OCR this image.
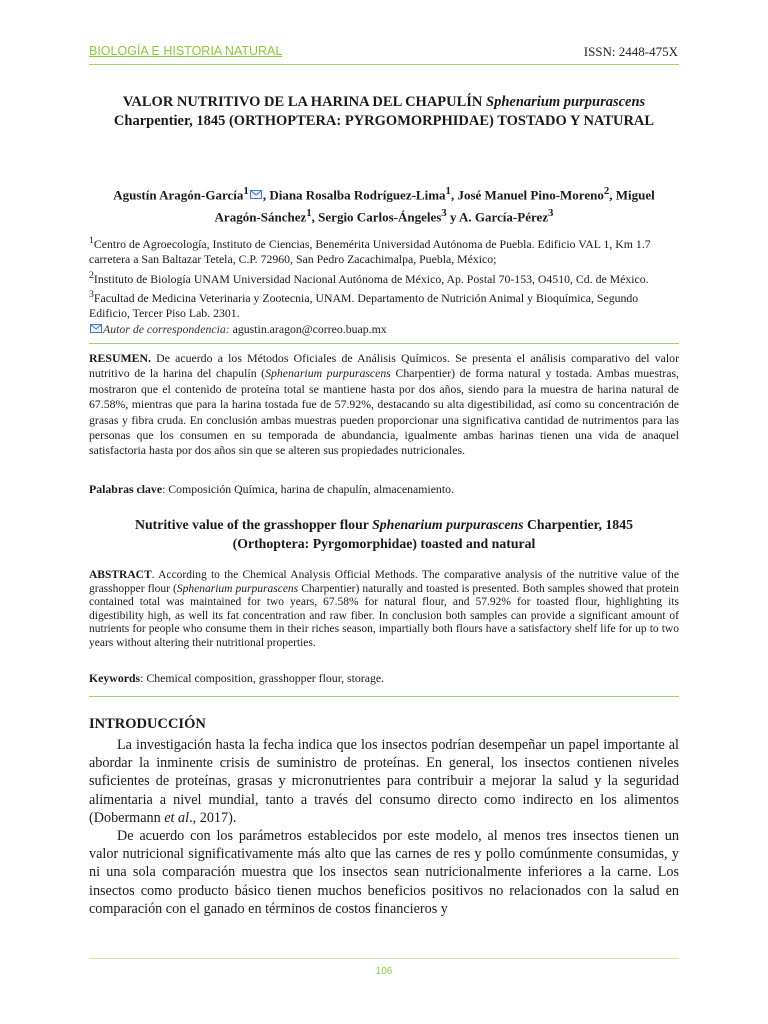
BIOLOGÍA E HISTORIA NATURAL	ISSN: 2448-475X
VALOR NUTRITIVO DE LA HARINA DEL CHAPULÍN Sphenarium purpurascens Charpentier, 1845 (ORTHOPTERA: PYRGOMORPHIDAE) TOSTADO Y NATURAL
Agustín Aragón-García$^1$ , Diana Rosalba Rodríguez-Lima$^1$, José Manuel Pino-Moreno$^2$, Miguel Aragón-Sánchez$^1$, Sergio Carlos-Ángeles$^3$ y A. García-Pérez$^3$

$^1$Centro de Agroecología, Instituto de Ciencias, Benemérita Universidad Autónoma de Puebla. Edificio VAL 1, Km 1.7 carretera a San Baltazar Tetela, C.P. 72960, San Pedro Zacachimalpa, Puebla, México;

$^2$Instituto de Biología UNAM Universidad Nacional Autónoma de México, Ap. Postal 70-153, O4510, Cd. de México.

$^3$Facultad de Medicina Veterinaria y Zootecnia, UNAM. Departamento de Nutrición Animal y Bioquímica, Segundo Edificio, Tercer Piso Lab. 2301.

Autor de correspondencia: agustin.aragon@correo.buap.mx
RESUMEN. De acuerdo a los Métodos Oficiales de Análisis Químicos. Se presenta el análisis comparativo del valor nutritivo de la harina del chapulín (Sphenarium purpurascens Charpentier) de forma natural y tostada. Ambas muestras, mostraron que el contenido de proteína total se mantiene hasta por dos años, siendo para la muestra de harina natural de 67.58%, mientras que para la harina tostada fue de 57.92%, destacando su alta digestibilidad, así como su concentración de grasas y fibra cruda. En conclusión ambas muestras pueden proporcionar una significativa cantidad de nutrimentos para las personas que los consumen en su temporada de abundancia, igualmente ambas harinas tienen una vida de anaquel satisfactoria hasta por dos años sin que se alteren sus propiedades nutricionales.
Palabras clave: Composición Química, harina de chapulín, almacenamiento.
Nutritive value of the grasshopper flour Sphenarium purpurascens Charpentier, 1845 (Orthoptera: Pyrgomorphidae) toasted and natural
ABSTRACT. According to the Chemical Analysis Official Methods. The comparative analysis of the nutritive value of the grasshopper flour (Sphenarium purpurascens Charpentier) naturally and toasted is presented. Both samples showed that protein contained total was maintained for two years, 67.58% for natural flour, and 57.92% for toasted flour, highlighting its digestibility high, as well its fat concentration and raw fiber. In conclusion both samples can provide a significant amount of nutrients for people who consume them in their riches season, impartially both flours have a satisfactory shelf life for up to two years without altering their nutritional properties.
Keywords: Chemical composition, grasshopper flour, storage.
INTRODUCCIÓN

La investigación hasta la fecha indica que los insectos podrían desempeñar un papel importante al abordar la inminente crisis de suministro de proteínas. En general, los insectos contienen niveles suficientes de proteínas, grasas y micronutrientes para contribuir a mejorar la salud y la seguridad alimentaria a nivel mundial, tanto a través del consumo directo como indirecto en los alimentos (Dobermann et al., 2017).

De acuerdo con los parámetros establecidos por este modelo, al menos tres insectos tienen un valor nutricional significativamente más alto que las carnes de res y pollo comúnmente consumidas, y ni una sola comparación muestra que los insectos sean nutricionalmente inferiores a la carne. Los insectos como producto básico tienen muchos beneficios positivos no relacionados con la salud en comparación con el ganado en términos de costos financieros y

106
